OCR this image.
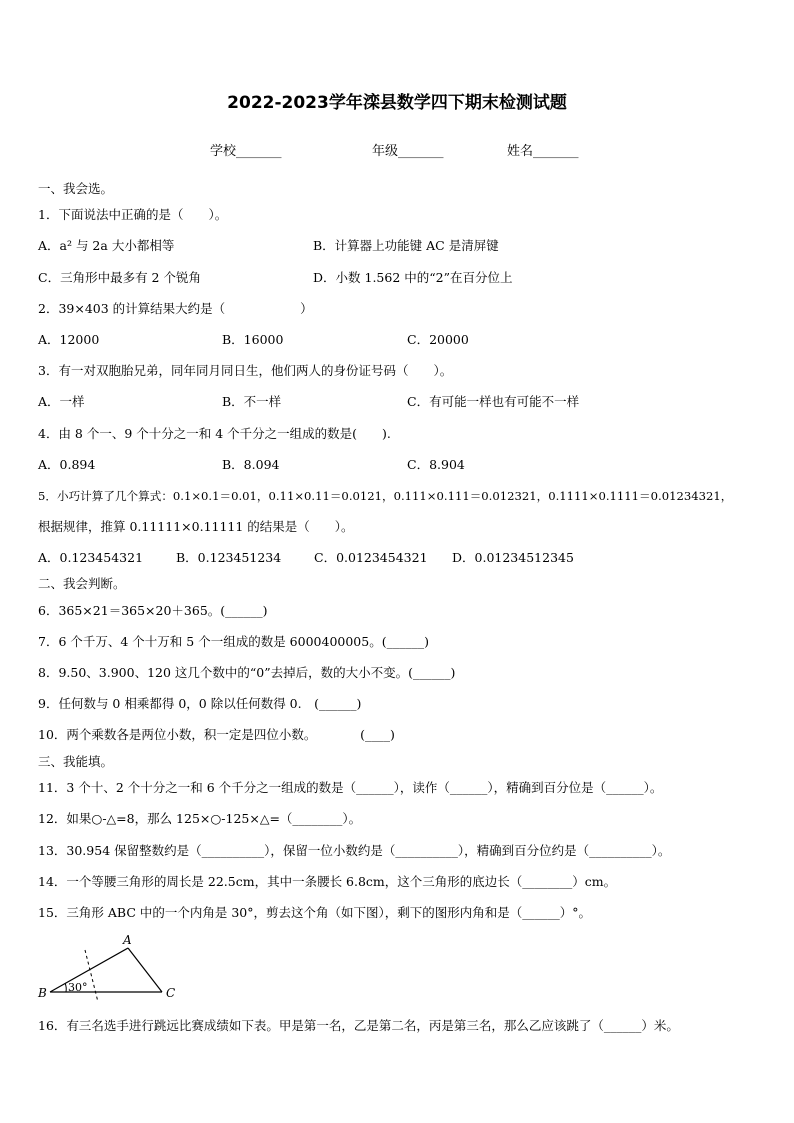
2022-2023学年滦县数学四下期末检测试题
学校_______	年级_______	姓名_______
一、我会选。
1．下面说法中正确的是（　　）。
A．a² 与 2a 大小都相等	B．计算器上功能键 AC 是清屏键
C．三角形中最多有 2 个锐角	D．小数 1.562 中的“2”在百分位上
2．39×403 的计算结果大约是（　　　　　　）
A．12000	B．16000	C．20000
3．有一对双胞胎兄弟，同年同月同日生，他们两人的身份证号码（　　）。
A．一样	B．不一样	C．有可能一样也有可能不一样
4．由 8 个一、9 个十分之一和 4 个千分之一组成的数是(　　).
A．0.894	B．8.094	C．8.904
5．小巧计算了几个算式：0.1×0.1＝0.01，0.11×0.11＝0.0121，0.111×0.111＝0.012321，0.1111×0.1111＝0.01234321，
根据规律，推算 0.11111×0.11111 的结果是（　　）。
A．0.123454321	B．0.123451234	C．0.0123454321 D．0.01234512345
二、我会判断。
6．365×21＝365×20＋365。(______)
7．6 个千万、4 个十万和 5 个一组成的数是 6000400005。(______)
8．9.50、3.900、120 这几个数中的“0”去掉后，数的大小不变。(______)
9．任何数与 0 相乘都得 0，0 除以任何数得 0.　(______)
10．两个乘数各是两位小数，积一定是四位小数。　　　　(____)
三、我能填。
11．3 个十、2 个十分之一和 6 个千分之一组成的数是（______），读作（______），精确到百分位是（______）。
12．如果○-△=8，那么 125×○-125×△=（________）。
13．30.954 保留整数约是（__________），保留一位小数约是（__________），精确到百分位约是（__________）。
14．一个等腰三角形的周长是 22.5cm，其中一条腰长 6.8cm，这个三角形的底边长（________）cm。
15．三角形 ABC 中的一个内角是 30°，剪去这个角（如下图），剩下的图形内角和是（______）°。
A
B	C
30°
16．有三名选手进行跳远比赛成绩如下表。甲是第一名，乙是第二名，丙是第三名，那么乙应该跳了（______）米。
